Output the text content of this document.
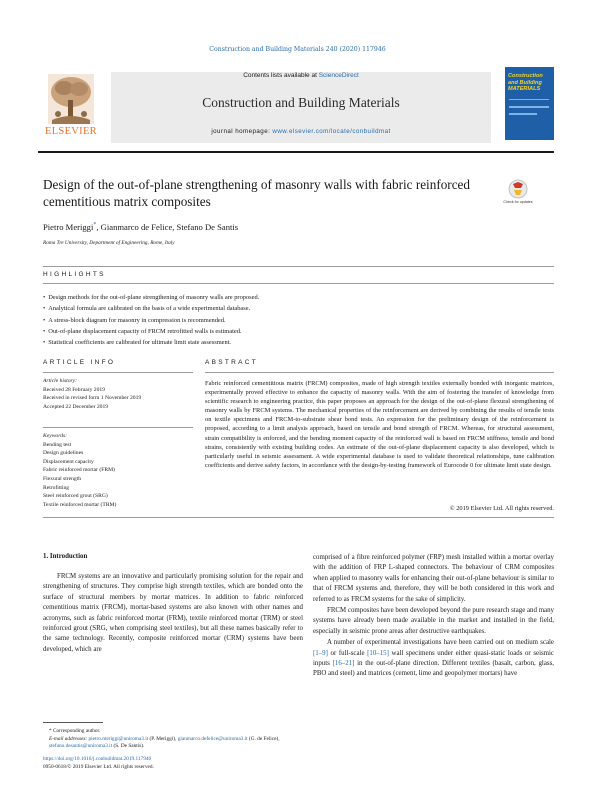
Construction and Building Materials 240 (2020) 117946
ELSEVIER
Contents lists available at ScienceDirect
Construction and Building Materials
journal homepage: www.elsevier.com/locate/conbuildmat
Construction and Building MATERIALS
Design of the out-of-plane strengthening of masonry walls with fabric reinforced cementitious matrix composites	Check for updates
Pietro Meriggi*, Gianmarco de Felice, Stefano De Santis
Roma Tre University, Department of Engineering, Rome, Italy
HIGHLIGHTS
• Design methods for the out-of-plane strengthening of masonry walls are proposed.
• Analytical formula are calibrated on the basis of a wide experimental database.
• A stress-block diagram for masonry in compression is recommended.
• Out-of-plane displacement capacity of FRCM retrofitted walls is estimated.
• Statistical coefficients are calibrated for ultimate limit state assessment.
ARTICLE INFO	ABSTRACT
Article history:
Received 28 February 2019
Received in revised form 1 November 2019
Accepted 22 December 2019
Keywords:
Bending test
Design guidelines
Displacement capacity
Fabric reinforced mortar (FRM)
Flexural strength
Retrofitting
Steel reinforced grout (SRG)
Textile reinforced mortar (TRM)
Fabric reinforced cementitious matrix (FRCM) composites, made of high strength textiles externally bonded with inorganic matrices, experimentally proved effective to enhance the capacity of masonry walls. With the aim of fostering the transfer of knowledge from scientific research to engineering practice, this paper proposes an approach for the design of the out-of-plane flexural strengthening of masonry walls by FRCM systems. The mechanical properties of the reinforcement are derived by combining the results of tensile tests on textile specimens and FRCM-to-substrate shear bond tests. An expression for the preliminary design of the reinforcement is proposed, according to a limit analysis approach, based on tensile and bond strength of FRCM. Whereas, for structural assessment, strain compatibility is enforced, and the bending moment capacity of the reinforced wall is based on FRCM stiffness, tensile and bond strains, consistently with existing building codes. An estimate of the out-of-plane displacement capacity is also developed, which is particularly useful in seismic assessment. A wide experimental database is used to validate theoretical relationships, tune calibration coefficients and derive safety factors, in accordance with the design-by-testing framework of Eurocode 0 for ultimate limit state design.
© 2019 Elsevier Ltd. All rights reserved.
1. Introduction

FRCM systems are an innovative and particularly promising solution for the repair and strengthening of structures. They comprise high strength textiles, which are bonded onto the surface of structural members by mortar matrices. In addition to fabric reinforced cementitious matrix (FRCM), mortar-based systems are also known with other names and acronyms, such as fabric reinforced mortar (FRM), textile reinforced mortar (TRM) or steel reinforced grout (SRG, when comprising steel textiles), but all these names basically refer to the same technology. Recently, composite reinforced mortar (CRM) systems have been developed, which are

comprised of a fibre reinforced polymer (FRP) mesh installed within a mortar overlay with the addition of FRP L-shaped connectors. The behaviour of CRM composites when applied to masonry walls for enhancing their out-of-plane behaviour is similar to that of FRCM systems and, therefore, they will be both considered in this work and referred to as FRCM systems for the sake of simplicity.

FRCM composites have been developed beyond the pure research stage and many systems have already been made available in the market and installed in the field, especially in seismic prone areas after destructive earthquakes.

A number of experimental investigations have been carried out on medium scale [1–9] or full-scale [10–15] wall specimens under either quasi-static loads or seismic inputs [16–21] in the out-of-plane direction. Different textiles (basalt, carbon, glass, PBO and steel) and matrices (cement, lime and geopolymer mortars) have

* Corresponding author.
E-mail addresses: pietro.meriggi@uniroma3.it (P. Meriggi), gianmarco.defelice@uniroma3.it (G. de Felice), stefano.desantis@uniroma3.it (S. De Santis).
https://doi.org/10.1016/j.conbuildmat.2019.117946
0950-0618/© 2019 Elsevier Ltd. All rights reserved.
